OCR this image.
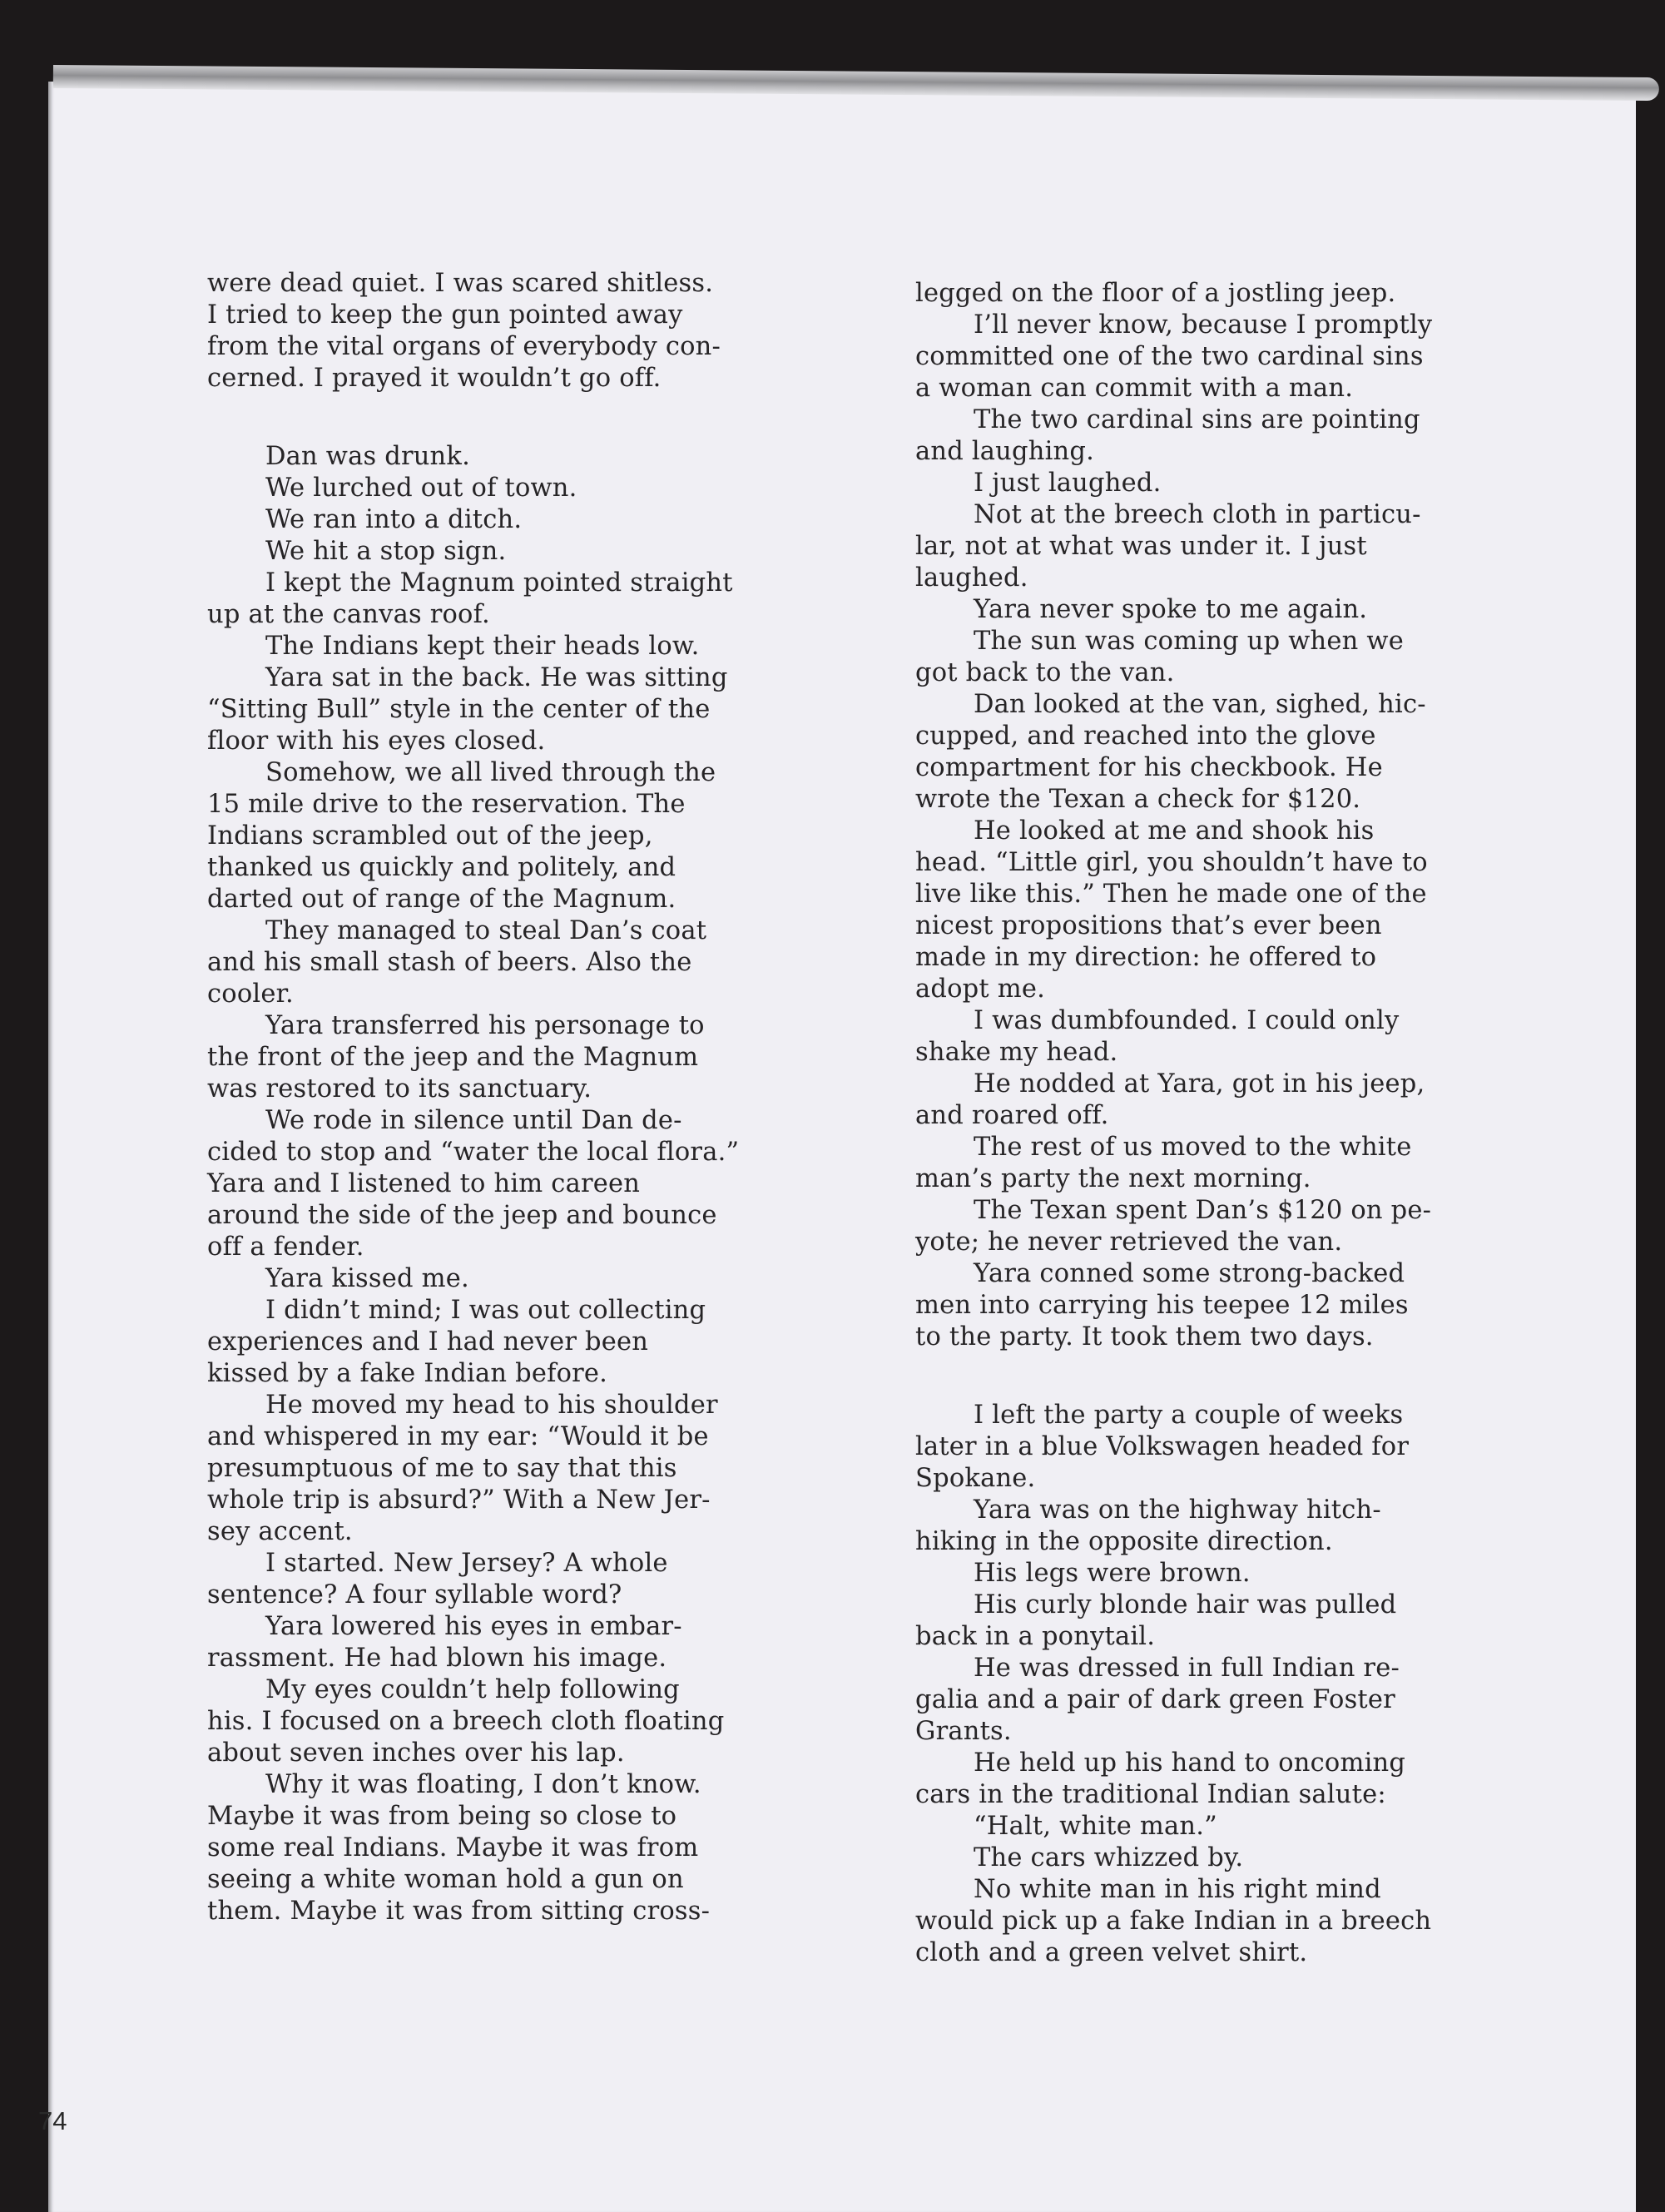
were dead quiet. I was scared shitless.
I tried to keep the gun pointed away
from the vital organs of everybody con-
cerned. I prayed it wouldn’t go off.
Dan was drunk.
We lurched out of town.
We ran into a ditch.
We hit a stop sign.
I kept the Magnum pointed straight
up at the canvas roof.
The Indians kept their heads low.
Yara sat in the back. He was sitting
“Sitting Bull” style in the center of the
floor with his eyes closed.
Somehow, we all lived through the
15 mile drive to the reservation. The
Indians scrambled out of the jeep,
thanked us quickly and politely, and
darted out of range of the Magnum.
They managed to steal Dan’s coat
and his small stash of beers. Also the
cooler.
Yara transferred his personage to
the front of the jeep and the Magnum
was restored to its sanctuary.
We rode in silence until Dan de-
cided to stop and “water the local flora.”
Yara and I listened to him careen
around the side of the jeep and bounce
off a fender.
Yara kissed me.
I didn’t mind; I was out collecting
experiences and I had never been
kissed by a fake Indian before.
He moved my head to his shoulder
and whispered in my ear: “Would it be
presumptuous of me to say that this
whole trip is absurd?” With a New Jer-
sey accent.
I started. New Jersey? A whole
sentence? A four syllable word?
Yara lowered his eyes in embar-
rassment. He had blown his image.
My eyes couldn’t help following
his. I focused on a breech cloth floating
about seven inches over his lap.
Why it was floating, I don’t know.
Maybe it was from being so close to
some real Indians. Maybe it was from
seeing a white woman hold a gun on
them. Maybe it was from sitting cross-
legged on the floor of a jostling jeep.
I’ll never know, because I promptly
committed one of the two cardinal sins
a woman can commit with a man.
The two cardinal sins are pointing
and laughing.
I just laughed.
Not at the breech cloth in particu-
lar, not at what was under it. I just
laughed.
Yara never spoke to me again.
The sun was coming up when we
got back to the van.
Dan looked at the van, sighed, hic-
cupped, and reached into the glove
compartment for his checkbook. He
wrote the Texan a check for $120.
He looked at me and shook his
head. “Little girl, you shouldn’t have to
live like this.” Then he made one of the
nicest propositions that’s ever been
made in my direction: he offered to
adopt me.
I was dumbfounded. I could only
shake my head.
He nodded at Yara, got in his jeep,
and roared off.
The rest of us moved to the white
man’s party the next morning.
The Texan spent Dan’s $120 on pe-
yote; he never retrieved the van.
Yara conned some strong-backed
men into carrying his teepee 12 miles
to the party. It took them two days.
I left the party a couple of weeks
later in a blue Volkswagen headed for
Spokane.
Yara was on the highway hitch-
hiking in the opposite direction.
His legs were brown.
His curly blonde hair was pulled
back in a ponytail.
He was dressed in full Indian re-
galia and a pair of dark green Foster
Grants.
He held up his hand to oncoming
cars in the traditional Indian salute:
“Halt, white man.”
The cars whizzed by.
No white man in his right mind
would pick up a fake Indian in a breech
cloth and a green velvet shirt.
74
